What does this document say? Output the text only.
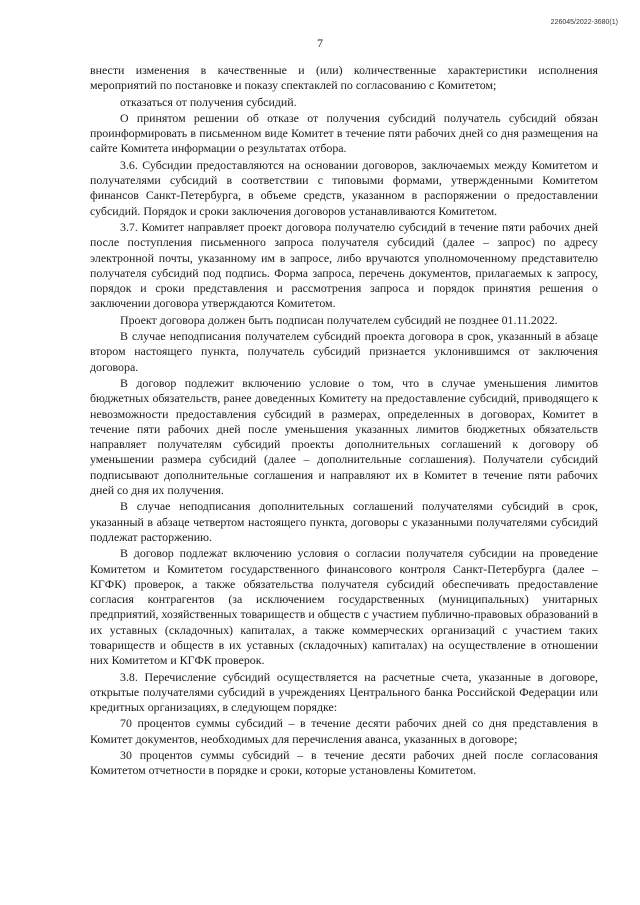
226045/2022-3680(1)
7

внести изменения в качественные и (или) количественные характеристики исполнения мероприятий по постановке и показу спектаклей по согласованию с Комитетом;

отказаться от получения субсидий.

О принятом решении об отказе от получения субсидий получатель субсидий обязан проинформировать в письменном виде Комитет в течение пяти рабочих дней со дня размещения на сайте Комитета информации о результатах отбора.

3.6. Субсидии предоставляются на основании договоров, заключаемых между Комитетом и получателями субсидий в соответствии с типовыми формами, утвержденными Комитетом финансов Санкт-Петербурга, в объеме средств, указанном в распоряжении о предоставлении субсидий. Порядок и сроки заключения договоров устанавливаются Комитетом.

3.7. Комитет направляет проект договора получателю субсидий в течение пяти рабочих дней после поступления письменного запроса получателя субсидий (далее – запрос) по адресу электронной почты, указанному им в запросе, либо вручаются уполномоченному представителю получателя субсидий под подпись. Форма запроса, перечень документов, прилагаемых к запросу, порядок и сроки представления и рассмотрения запроса и порядок принятия решения о заключении договора утверждаются Комитетом.

Проект договора должен быть подписан получателем субсидий не позднее 01.11.2022.

В случае неподписания получателем субсидий проекта договора в срок, указанный в абзаце втором настоящего пункта, получатель субсидий признается уклонившимся от заключения договора.

В договор подлежит включению условие о том, что в случае уменьшения лимитов бюджетных обязательств, ранее доведенных Комитету на предоставление субсидий, приводящего к невозможности предоставления субсидий в размерах, определенных в договорах, Комитет в течение пяти рабочих дней после уменьшения указанных лимитов бюджетных обязательств направляет получателям субсидий проекты дополнительных соглашений к договору об уменьшении размера субсидий (далее – дополнительные соглашения). Получатели субсидий подписывают дополнительные соглашения и направляют их в Комитет в течение пяти рабочих дней со дня их получения.

В случае неподписания дополнительных соглашений получателями субсидий в срок, указанный в абзаце четвертом настоящего пункта, договоры с указанными получателями субсидий подлежат расторжению.

В договор подлежат включению условия о согласии получателя субсидии на проведение Комитетом и Комитетом государственного финансового контроля Санкт-Петербурга (далее – КГФК) проверок, а также обязательства получателя субсидий обеспечивать предоставление согласия контрагентов (за исключением государственных (муниципальных) унитарных предприятий, хозяйственных товариществ и обществ с участием публично-правовых образований в их уставных (складочных) капиталах, а также коммерческих организаций с участием таких товариществ и обществ в их уставных (складочных) капиталах) на осуществление в отношении них Комитетом и КГФК проверок.

3.8. Перечисление субсидий осуществляется на расчетные счета, указанные в договоре, открытые получателями субсидий в учреждениях Центрального банка Российской Федерации или кредитных организациях, в следующем порядке:

70 процентов суммы субсидий – в течение десяти рабочих дней со дня представления в Комитет документов, необходимых для перечисления аванса, указанных в договоре;

30 процентов суммы субсидий – в течение десяти рабочих дней после согласования Комитетом отчетности в порядке и сроки, которые установлены Комитетом.
